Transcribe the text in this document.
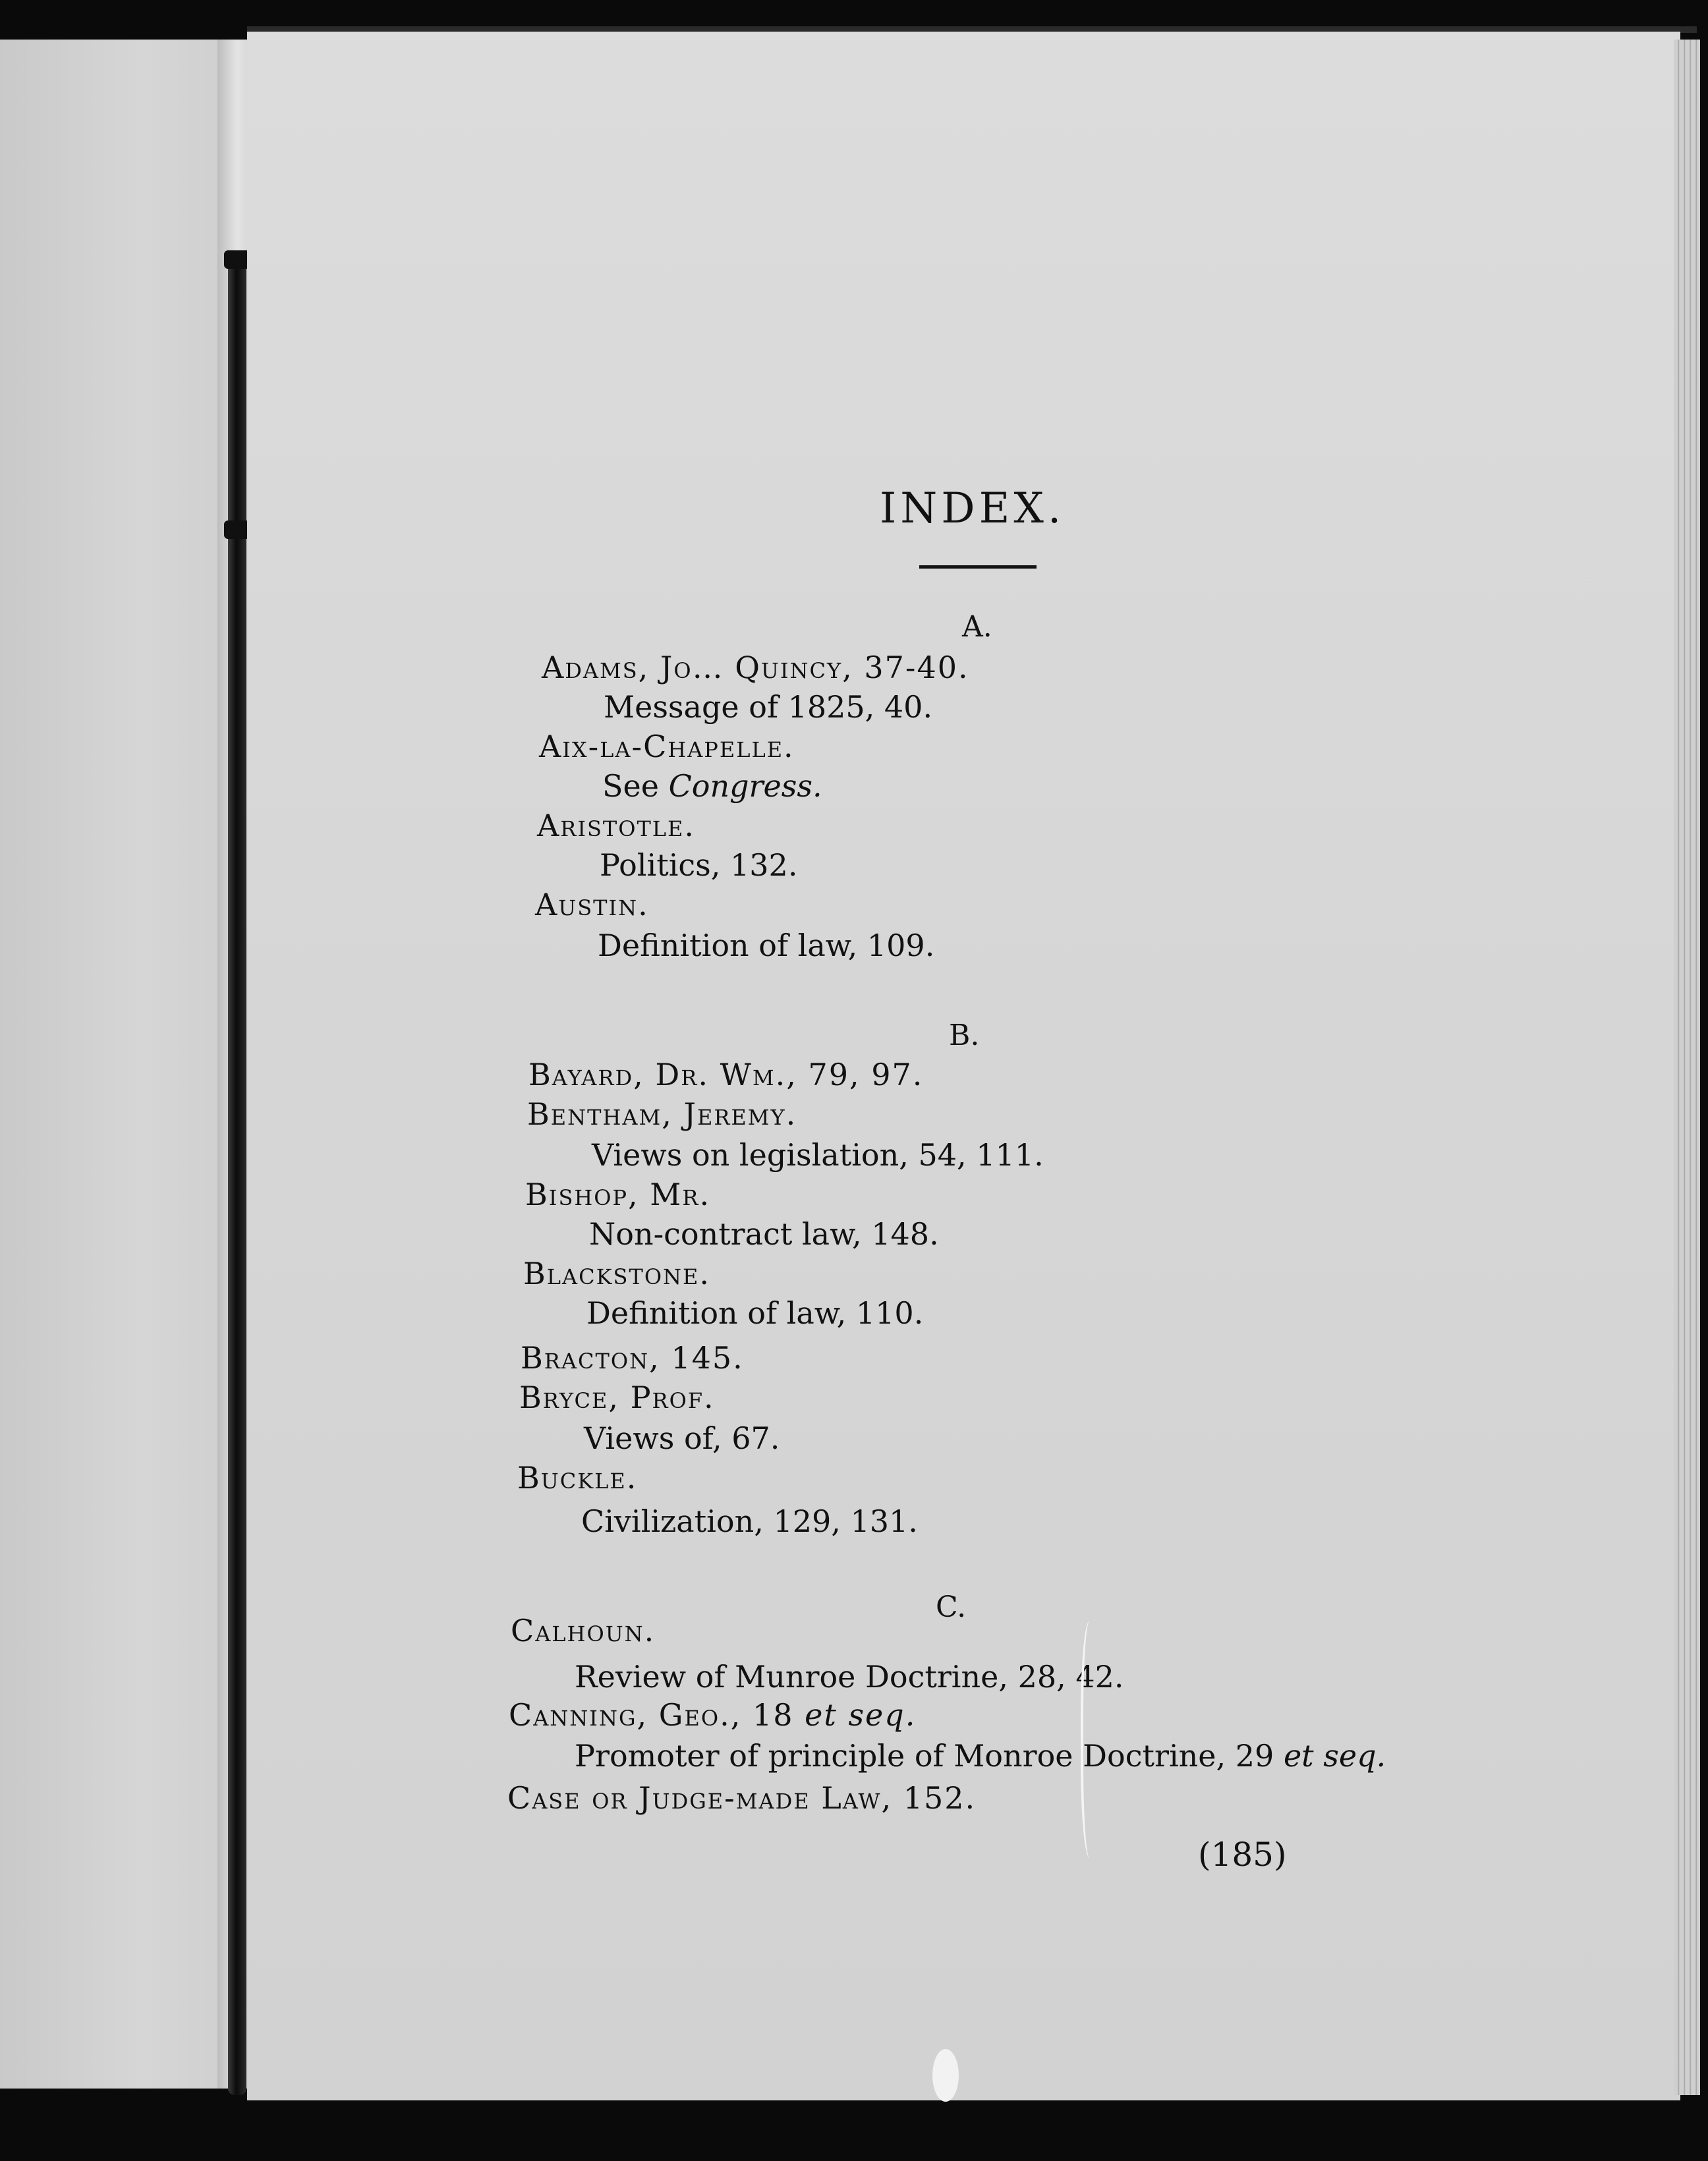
INDEX.
A.
Adams, Jo… Quincy, 37-40.
Message of 1825, 40.
Aix-la-Chapelle.
See Congress.
Aristotle.
Politics, 132.
Austin.
Definition of law, 109.
B.
Bayard, Dr. Wm., 79, 97.
Bentham, Jeremy.
Views on legislation, 54, 111.
Bishop, Mr.
Non-contract law, 148.
Blackstone.
Definition of law, 110.
Bracton, 145.
Bryce, Prof.
Views of, 67.
Buckle.
Civilization, 129, 131.
C.
Calhoun.
Review of Munroe Doctrine, 28, 42.
Canning, Geo., 18 et seq.
Promoter of principle of Monroe Doctrine, 29 et seq.
Case or Judge-made Law, 152.
(185)
